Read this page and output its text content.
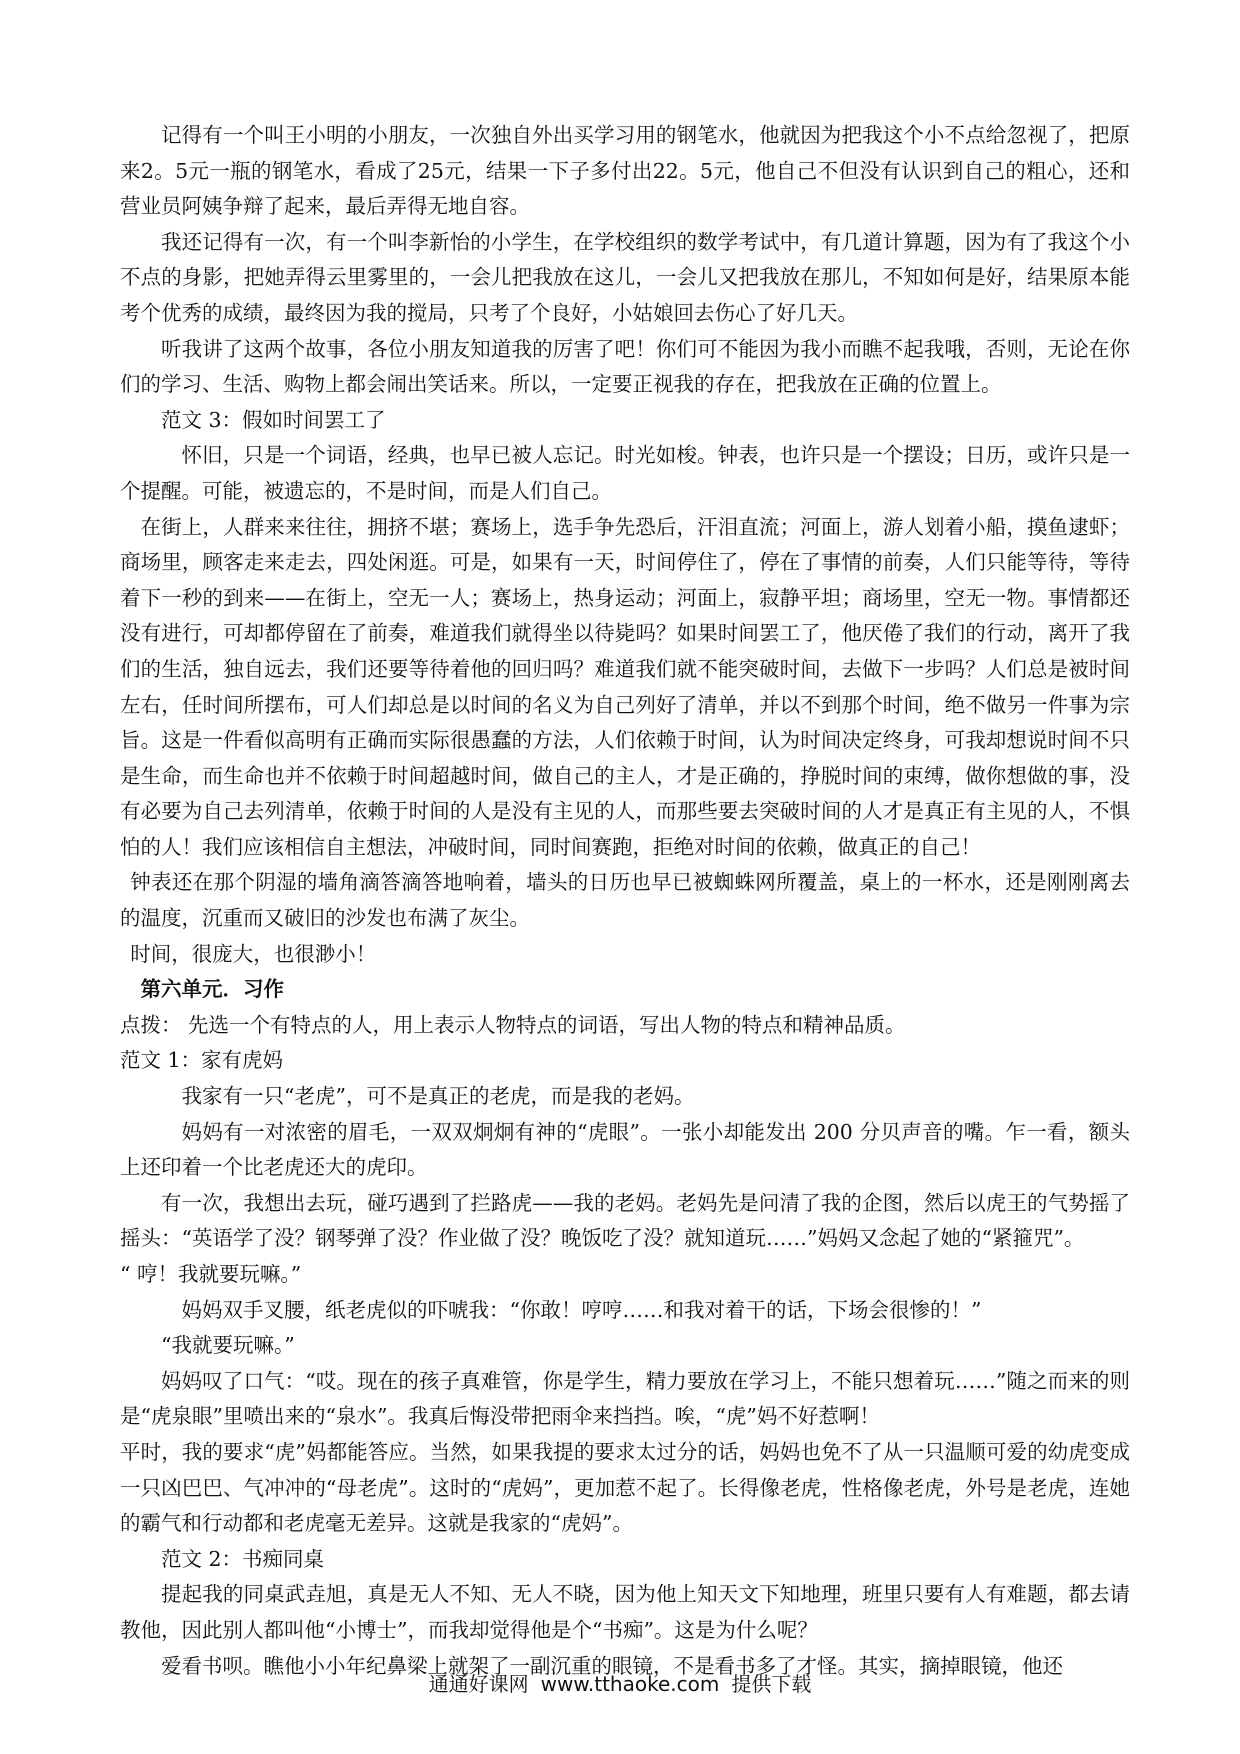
记得有一个叫王小明的小朋友，一次独自外出买学习用的钢笔水，他就因为把我这个小不点给忽视了，把原来2。5元一瓶的钢笔水，看成了25元，结果一下子多付出22。5元，他自己不但没有认识到自己的粗心，还和营业员阿姨争辩了起来，最后弄得无地自容。

我还记得有一次，有一个叫李新怡的小学生，在学校组织的数学考试中，有几道计算题，因为有了我这个小不点的身影，把她弄得云里雾里的，一会儿把我放在这儿，一会儿又把我放在那儿，不知如何是好，结果原本能考个优秀的成绩，最终因为我的搅局，只考了个良好，小姑娘回去伤心了好几天。

听我讲了这两个故事，各位小朋友知道我的厉害了吧！你们可不能因为我小而瞧不起我哦，否则，无论在你们的学习、生活、购物上都会闹出笑话来。所以，一定要正视我的存在，把我放在正确的位置上。

范文 3：假如时间罢工了

怀旧，只是一个词语，经典，也早已被人忘记。时光如梭。钟表，也许只是一个摆设；日历，或许只是一个提醒。可能，被遗忘的，不是时间，而是人们自己。

在街上，人群来来往往，拥挤不堪；赛场上，选手争先恐后，汗泪直流；河面上，游人划着小船，摸鱼逮虾；商场里，顾客走来走去，四处闲逛。可是，如果有一天，时间停住了，停在了事情的前奏，人们只能等待，等待着下一秒的到来——在街上，空无一人；赛场上，热身运动；河面上，寂静平坦；商场里，空无一物。事情都还没有进行，可却都停留在了前奏，难道我们就得坐以待毙吗？如果时间罢工了，他厌倦了我们的行动，离开了我们的生活，独自远去，我们还要等待着他的回归吗？难道我们就不能突破时间，去做下一步吗？人们总是被时间左右，任时间所摆布，可人们却总是以时间的名义为自己列好了清单，并以不到那个时间，绝不做另一件事为宗旨。这是一件看似高明有正确而实际很愚蠢的方法，人们依赖于时间，认为时间决定终身，可我却想说时间不只是生命，而生命也并不依赖于时间超越时间，做自己的主人，才是正确的，挣脱时间的束缚，做你想做的事，没有必要为自己去列清单，依赖于时间的人是没有主见的人，而那些要去突破时间的人才是真正有主见的人，不惧怕的人！我们应该相信自主想法，冲破时间，同时间赛跑，拒绝对时间的依赖，做真正的自己！

钟表还在那个阴湿的墙角滴答滴答地响着，墙头的日历也早已被蜘蛛网所覆盖，桌上的一杯水，还是刚刚离去的温度，沉重而又破旧的沙发也布满了灰尘。

时间，很庞大，也很渺小！

第六单元．习作

点拨： 先选一个有特点的人，用上表示人物特点的词语，写出人物的特点和精神品质。

范文 1：家有虎妈

我家有一只“老虎”，可不是真正的老虎，而是我的老妈。

妈妈有一对浓密的眉毛，一双双炯炯有神的“虎眼”。一张小却能发出 200 分贝声音的嘴。乍一看，额头上还印着一个比老虎还大的虎印。

有一次，我想出去玩，碰巧遇到了拦路虎——我的老妈。老妈先是问清了我的企图，然后以虎王的气势摇了摇头：“英语学了没？钢琴弹了没？作业做了没？晚饭吃了没？就知道玩……”妈妈又念起了她的“紧箍咒”。

“ 哼！我就要玩嘛。”

妈妈双手叉腰，纸老虎似的吓唬我：“你敢！哼哼……和我对着干的话，下场会很惨的！”

“我就要玩嘛。”

妈妈叹了口气：“哎。现在的孩子真难管，你是学生，精力要放在学习上，不能只想着玩……”随之而来的则是“虎泉眼”里喷出来的“泉水”。我真后悔没带把雨伞来挡挡。唉，“虎”妈不好惹啊！

平时，我的要求“虎”妈都能答应。当然，如果我提的要求太过分的话，妈妈也免不了从一只温顺可爱的幼虎变成一只凶巴巴、气冲冲的“母老虎”。这时的“虎妈”，更加惹不起了。长得像老虎，性格像老虎，外号是老虎，连她的霸气和行动都和老虎毫无差异。这就是我家的“虎妈”。

范文 2：书痴同桌

提起我的同桌武垚旭，真是无人不知、无人不晓，因为他上知天文下知地理，班里只要有人有难题，都去请教他，因此别人都叫他“小博士”，而我却觉得他是个“书痴”。这是为什么呢？

爱看书呗。瞧他小小年纪鼻梁上就架了一副沉重的眼镜，不是看书多了才怪。其实，摘掉眼镜，他还

通通好课网 www.tthaoke.com 提供下载
